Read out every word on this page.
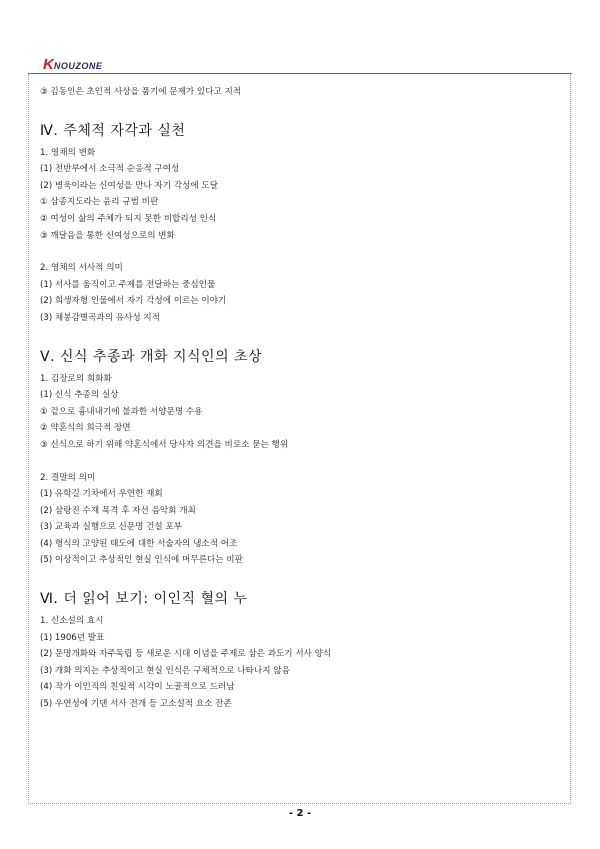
K NOUZONE
③ 김동인은 초인적 사상을 품기에 문제가 있다고 지적
Ⅳ. 주체적 자각과 실천
1. 영채의 변화
(1) 전반부에서 소극적 순응적 구여성
(2) 병욱이라는 신여성을 만나 자기 각성에 도달
① 삼종지도라는 윤리 규범 비판
② 여성이 삶의 주체가 되지 못한 비합리성 인식
③ 깨달음을 통한 신여성으로의 변화
2. 영채의 서사적 의미
(1) 서사를 움직이고 주제를 전달하는 중심인물
(2) 희생자형 인물에서 자기 각성에 이르는 이야기
(3) 채봉감별곡과의 유사성 지적
Ⅴ. 신식 추종과 개화 지식인의 초상
1. 김장로의 희화화
(1) 신식 추종의 실상
① 겉으로 흉내내기에 불과한 서양문명 수용
② 약혼식의 희극적 장면
③ 신식으로 하기 위해 약혼식에서 당사자 의견을 비로소 묻는 행위
2. 결말의 의미
(1) 유학길 기차에서 우연한 재회
(2) 삼랑진 수재 목격 후 자선 음악회 개최
(3) 교육과 실행으로 신문명 건설 포부
(4) 형식의 고양된 태도에 대한 서술자의 냉소적 어조
(5) 이상적이고 추상적인 현실 인식에 머무른다는 비판
Ⅵ. 더 읽어 보기: 이인직 혈의 누
1. 신소설의 효시
(1) 1906년 발표
(2) 문명개화와 자주독립 등 새로운 시대 이념을 주제로 삼은 과도기 서사 양식
(3) 개화 의지는 추상적이고 현실 인식은 구체적으로 나타나지 않음
(4) 작가 이인직의 친일적 시각이 노골적으로 드러남
(5) 우연성에 기댄 서사 전개 등 고소설적 요소 잔존
- 2 -
